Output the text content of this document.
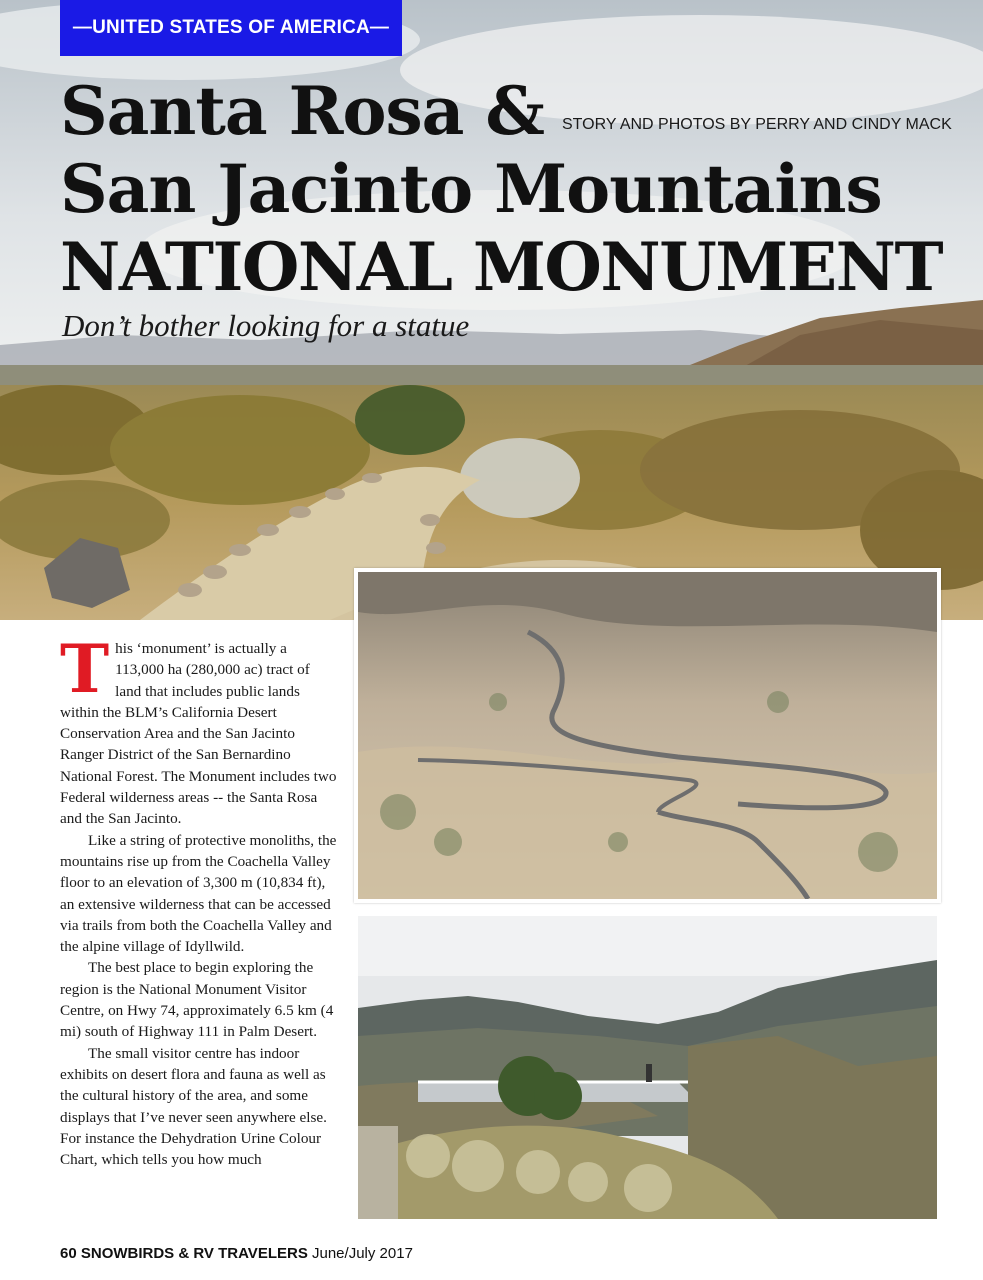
—UNITED STATES OF AMERICA—
Santa Rosa & STORY AND PHOTOS BY PERRY AND CINDY MACK
San Jacinto Mountains
NATIONAL MONUMENT
Don’t bother looking for a statue

This ‘monument’ is actually a 113,000 ha (280,000 ac) tract of land that includes public lands within the BLM’s California Desert Conservation Area and the San Jacinto Ranger District of the San Bernardino National Forest. The Monument includes two Federal wilderness areas -- the Santa Rosa and the San Jacinto.

Like a string of protective monoliths, the mountains rise up from the Coachella Valley floor to an elevation of 3,300 m (10,834 ft), an extensive wilderness that can be accessed via trails from both the Coachella Valley and the alpine village of Idyllwild.

The best place to begin exploring the region is the National Monument Visitor Centre, on Hwy 74, approximately 6.5 km (4 mi) south of Highway 111 in Palm Desert.

The small visitor centre has indoor exhibits on desert flora and fauna as well as the cultural history of the area, and some displays that I’ve never seen anywhere else. For instance the Dehydration Urine Colour Chart, which tells you how much

60 SNOWBIRDS & RV TRAVELERS June/July 2017
